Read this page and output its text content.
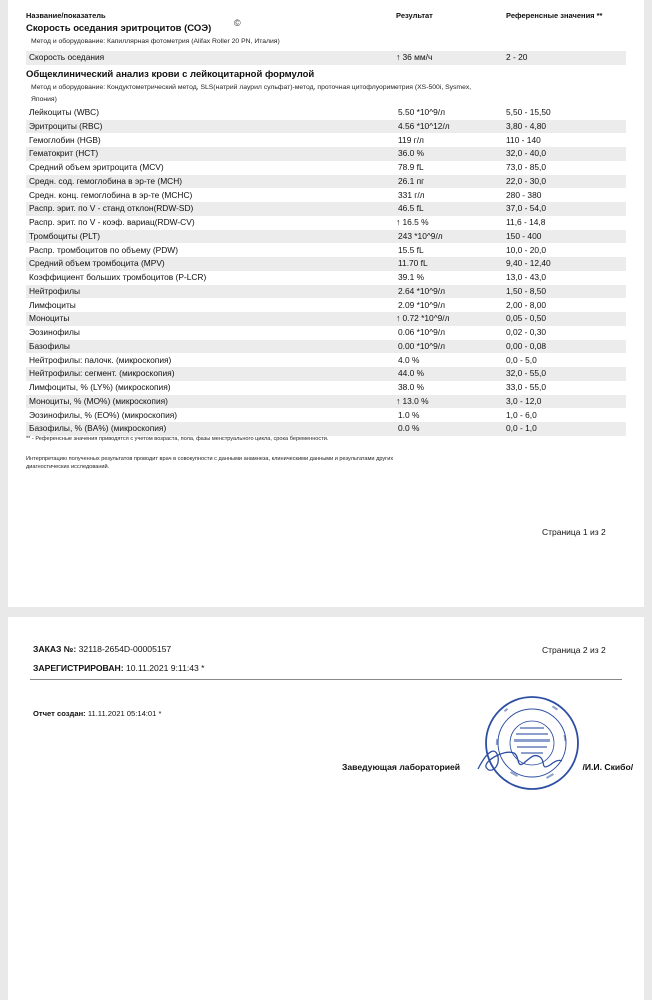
Название/показатель	Результат	Референсные значения **
Скорость оседания эритроцитов (СОЭ)	©
Метод и оборудование: Капиллярная фотометрия (Alifax Roller 20 PN, Италия)
Скорость оседания	↑ 36 мм/ч	2 - 20
Общеклинический анализ крови с лейкоцитарной формулой
Метод и оборудование: Кондуктометрический метод, SLS(натрий лаурил сульфат)-метод, проточная цитофлуориметрия (XS-500i, Sysmex,
Япония)
Лейкоциты (WBC)	5.50 *10^9/л	5,50 - 15,50
Эритроциты (RBC)	4.56 *10^12/л	3,80 - 4,80
Гемоглобин (HGB)	119 г/л	110 - 140
Гематокрит (HCT)	36.0 %	32,0 - 40,0
Средний объем эритроцита (MCV)	78.9 fL	73,0 - 85,0
Средн. сод. гемоглобина в эр-те (MCH)	26.1 пг	22,0 - 30,0
Средн. конц. гемоглобина в эр-те (MCHC)	331 г/л	280 - 380
Распр. эрит. по V - станд отклон(RDW-SD)	46.5 fL	37,0 - 54,0
Распр. эрит. по V - коэф. вариац(RDW-CV)	↑ 16.5 %	11,6 - 14,8
Тромбоциты (PLT)	243 *10^9/л	150 - 400
Распр. тромбоцитов по объему (PDW)	15.5 fL	10,0 - 20,0
Средний объем тромбоцита (MPV)	11.70 fL	9,40 - 12,40
Коэффициент больших тромбоцитов (P-LCR)	39.1 %	13,0 - 43,0
Нейтрофилы	2.64 *10^9/л	1,50 - 8,50
Лимфоциты	2.09 *10^9/л	2,00 - 8,00
Моноциты	↑ 0.72 *10^9/л	0,05 - 0,50
Эозинофилы	0.06 *10^9/л	0,02 - 0,30
Базофилы	0.00 *10^9/л	0,00 - 0,08
Нейтрофилы: палочк. (микроскопия)	4.0 %	0,0 - 5,0
Нейтрофилы: сегмент. (микроскопия)	44.0 %	32,0 - 55,0
Лимфоциты, % (LY%) (микроскопия)	38.0 %	33,0 - 55,0
Моноциты, % (MO%) (микроскопия)	↑ 13.0 %	3,0 - 12,0
Эозинофилы, % (EO%) (микроскопия)	1.0 %	1,0 - 6,0
Базофилы, % (BA%) (микроскопия)	0.0 %	0,0 - 1,0
** - Референсные значения приводятся с учетом возраста, пола, фазы менструального цикла, срока беременности.
Интерпретацию полученных результатов проводит врач в совокупности с данными анамнеза, клиническими данными и результатами других
диагностических исследований.
Страница 1 из 2
ЗАКАЗ №: 32118-2654D-00005157	Страница 2 из 2
ЗАРЕГИСТРИРОВАН: 10.11.2021 9:11:43 *
Отчет создан: 11.11.2021 05:14:01 *
Заведующая лабораторией	/И.И. Скибо/
